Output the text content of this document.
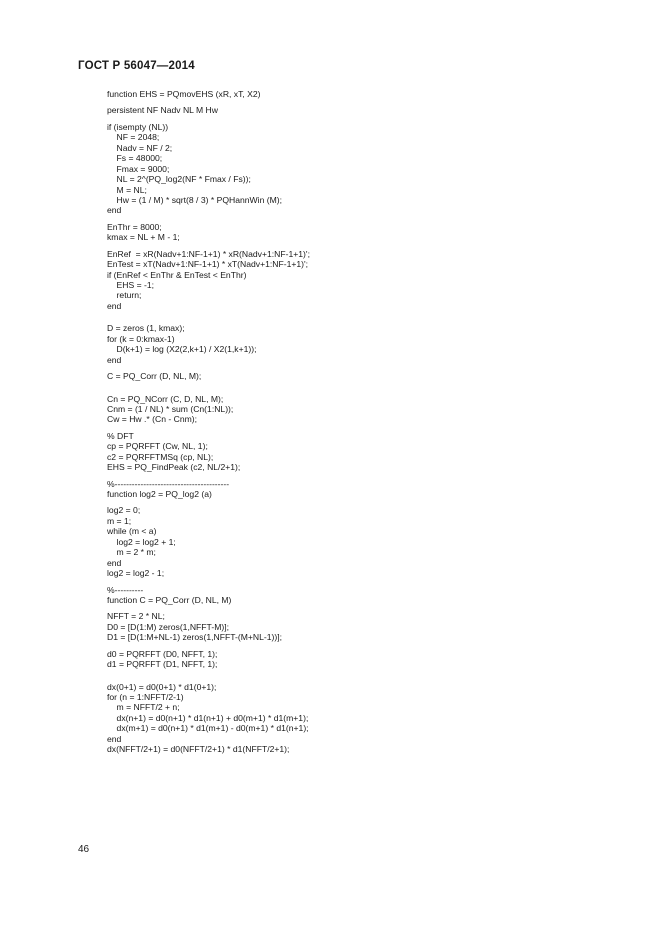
ГОСТ Р 56047—2014
function EHS = PQmovEHS (xR, xT, X2)
persistent NF Nadv NL M Hw
if (isempty (NL))
NF = 2048;
Nadv = NF / 2;
Fs = 48000;
Fmax = 9000;
NL = 2^(PQ_log2(NF * Fmax / Fs));
M = NL;
Hw = (1 / M) * sqrt(8 / 3) * PQHannWin (M);
end
EnThr = 8000;
kmax = NL + M - 1;
EnRef  = xR(Nadv+1:NF-1+1) * xR(Nadv+1:NF-1+1)';
EnTest = xT(Nadv+1:NF-1+1) * xT(Nadv+1:NF-1+1)';
if (EnRef < EnThr & EnTest < EnThr)
EHS = -1;
return;
end
D = zeros (1, kmax);
for (k = 0:kmax-1)
D(k+1) = log (X2(2,k+1) / X2(1,k+1));
end
C = PQ_Corr (D, NL, M);
Cn = PQ_NCorr (C, D, NL, M);
Cnm = (1 / NL) * sum (Cn(1:NL));
Cw = Hw .* (Cn - Cnm);
% DFT
cp = PQRFFT (Cw, NL, 1);
c2 = PQRFFTMSq (cp, NL);
EHS = PQ_FindPeak (c2, NL/2+1);
%----------------------------------------
function log2 = PQ_log2 (a)
log2 = 0;
m = 1;
while (m < a)
log2 = log2 + 1;
m = 2 * m;
end
log2 = log2 - 1;
%----------
function C = PQ_Corr (D, NL, M)
NFFT = 2 * NL;
D0 = [D(1:M) zeros(1,NFFT-M)];
D1 = [D(1:M+NL-1) zeros(1,NFFT-(M+NL-1))];
d0 = PQRFFT (D0, NFFT, 1);
d1 = PQRFFT (D1, NFFT, 1);
dx(0+1) = d0(0+1) * d1(0+1);
for (n = 1:NFFT/2-1)
m = NFFT/2 + n;
dx(n+1) = d0(n+1) * d1(n+1) + d0(m+1) * d1(m+1);
dx(m+1) = d0(n+1) * d1(m+1) - d0(m+1) * d1(n+1);
end
dx(NFFT/2+1) = d0(NFFT/2+1) * d1(NFFT/2+1);
46
